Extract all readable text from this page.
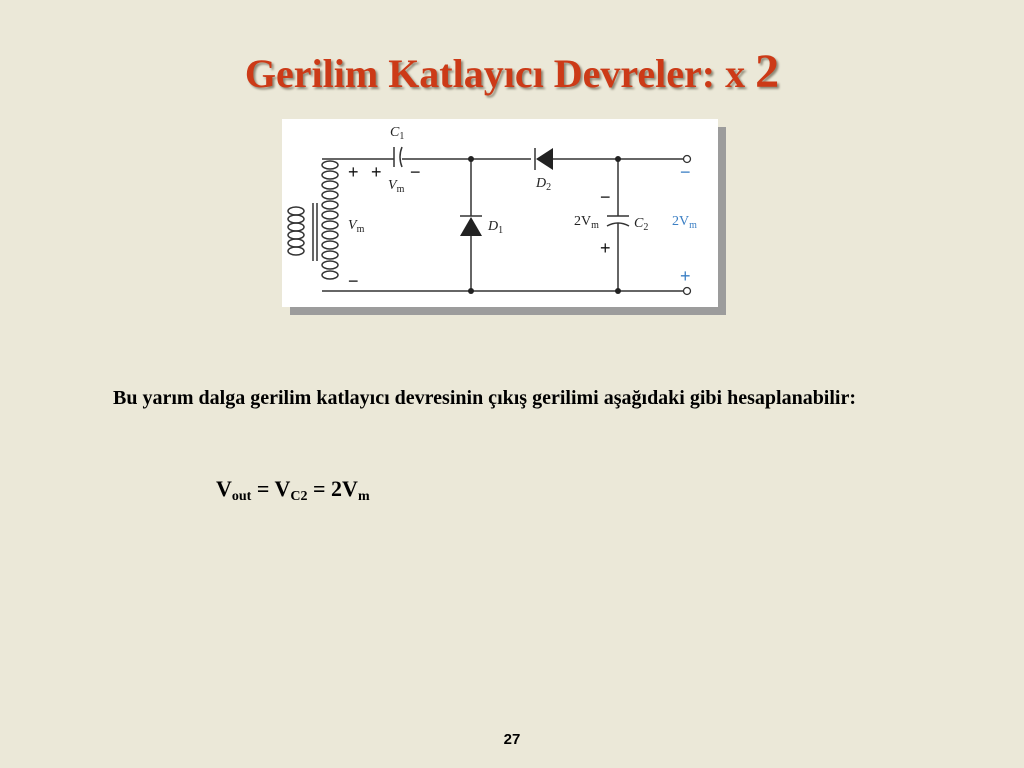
Gerilim Katlayıcı Devreler: x 2
$C_1$
$V_m$
$V_m$	$D_1$
$D_2$
$2V_m$	$C_2$ $2V_m$
+ + −
−
−
+
−
+
Bu yarım dalga gerilim katlayıcı devresinin çıkış gerilimi aşağıdaki gibi hesaplanabilir:
$V_{out} = V_{C2} = 2V_m$
27
